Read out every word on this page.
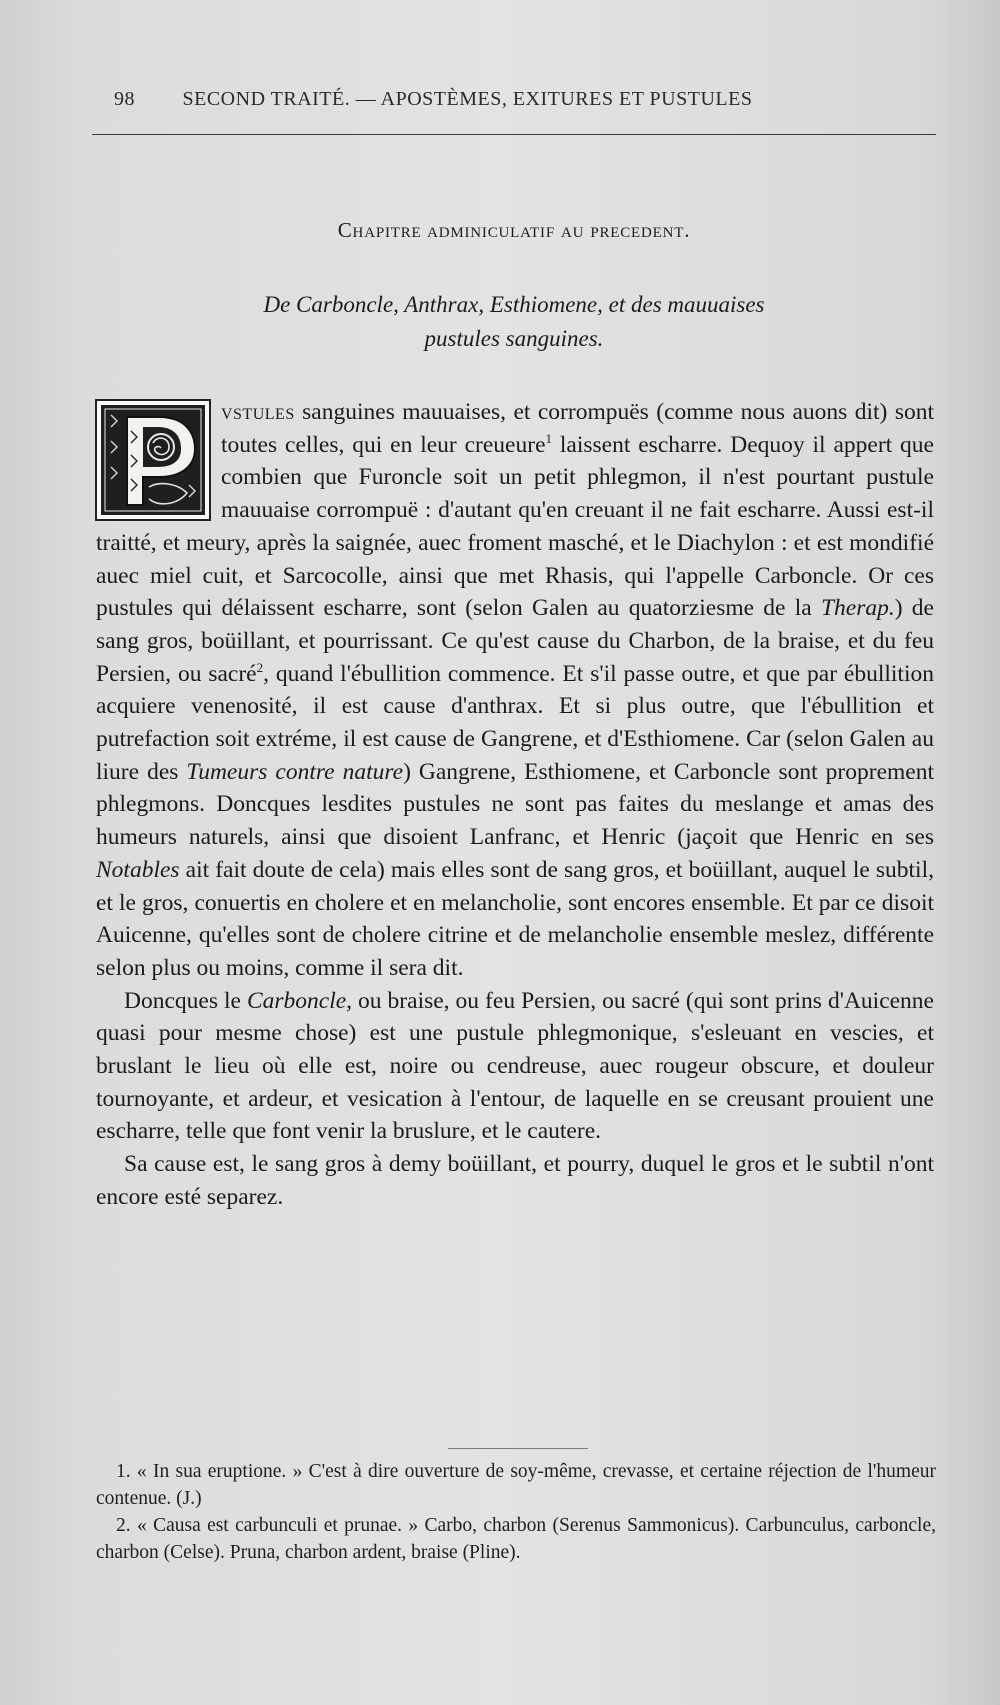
98 SECOND TRAITÉ. — APOSTÈMES, EXITURES ET PUSTULES
Chapitre adminiculatif au precedent.
De Carboncle, Anthrax, Esthiomene, et des mauuaises
pustules sanguines.

vstules sanguines mauuaises, et corrompuës (comme nous auons dit) sont toutes celles, qui en leur creueure$^1$ laissent escharre. Dequoy il appert que combien que Furoncle soit un petit phlegmon, il n'est pourtant pustule mauuaise corrompuë : d'autant qu'en creuant il ne fait escharre. Aussi est-il traitté, et meury, après la saignée, auec froment masché, et le Diachylon : et est mondifié auec miel cuit, et Sarcocolle, ainsi que met Rhasis, qui l'appelle Carboncle. Or ces pustules qui délaissent escharre, sont (selon Galen au quatorziesme de la Therap.) de sang gros, boüillant, et pourrissant. Ce qu'est cause du Charbon, de la braise, et du feu Persien, ou sacré$^2$, quand l'ébullition commence. Et s'il passe outre, et que par ébullition acquiere venenosité, il est cause d'anthrax. Et si plus outre, que l'ébullition et putrefaction soit extréme, il est cause de Gangrene, et d'Esthiomene. Car (selon Galen au liure des Tumeurs contre nature) Gangrene, Esthiomene, et Carboncle sont proprement phlegmons. Doncques lesdites pustules ne sont pas faites du meslange et amas des humeurs naturels, ainsi que disoient Lanfranc, et Henric (jaçoit que Henric en ses Notables ait fait doute de cela) mais elles sont de sang gros, et boüillant, auquel le subtil, et le gros, conuertis en cholere et en melancholie, sont encores ensemble. Et par ce disoit Auicenne, qu'elles sont de cholere citrine et de melancholie ensemble meslez, différente selon plus ou moins, comme il sera dit.

Doncques le Carboncle, ou braise, ou feu Persien, ou sacré (qui sont prins d'Auicenne quasi pour mesme chose) est une pustule phlegmonique, s'esleuant en vescies, et bruslant le lieu où elle est, noire ou cendreuse, auec rougeur obscure, et douleur tournoyante, et ardeur, et vesication à l'entour, de laquelle en se creusant prouient une escharre, telle que font venir la bruslure, et le cautere.

Sa cause est, le sang gros à demy boüillant, et pourry, duquel le gros et le subtil n'ont encore esté separez.

1. « In sua eruptione. » C'est à dire ouverture de soy-même, crevasse, et certaine réjection de l'humeur contenue. (J.)

2. « Causa est carbunculi et prunae. » Carbo, charbon (Serenus Sammonicus). Carbunculus, carboncle, charbon (Celse). Pruna, charbon ardent, braise (Pline).
